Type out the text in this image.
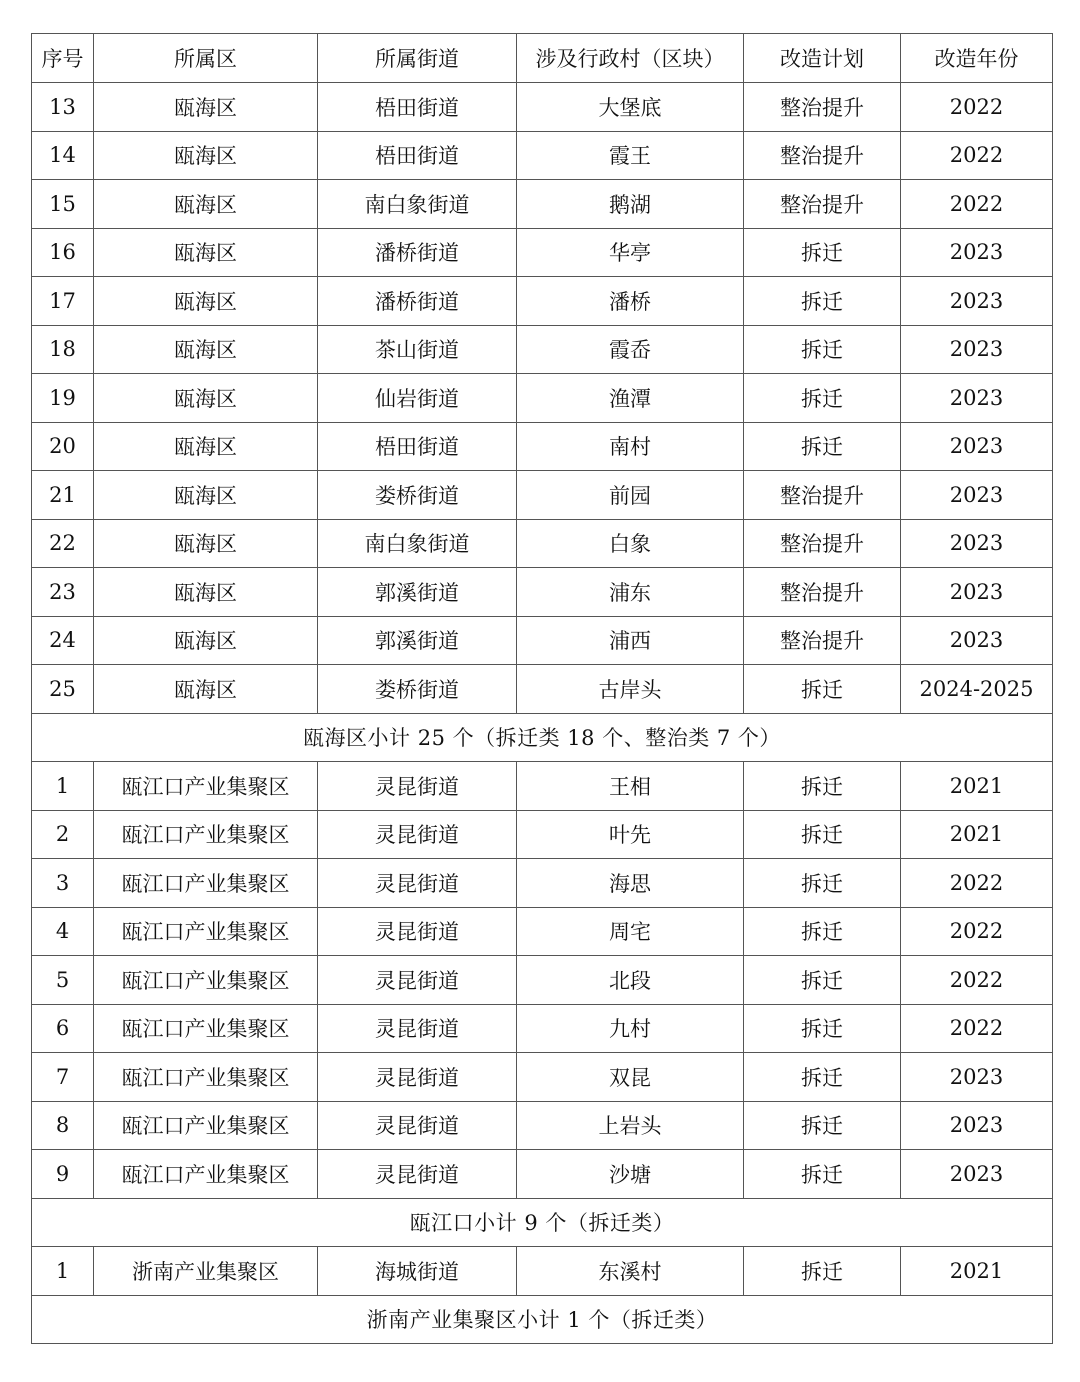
序号	所属区	所属街道	涉及行政村（区块）	改造计划	改造年份
13	瓯海区	梧田街道	大堡底	整治提升	2022
14	瓯海区	梧田街道	霞王	整治提升	2022
15	瓯海区	南白象街道	鹅湖	整治提升	2022
16	瓯海区	潘桥街道	华亭	拆迁	2023
17	瓯海区	潘桥街道	潘桥	拆迁	2023
18	瓯海区	茶山街道	霞岙	拆迁	2023
19	瓯海区	仙岩街道	渔潭	拆迁	2023
20	瓯海区	梧田街道	南村	拆迁	2023
21	瓯海区	娄桥街道	前园	整治提升	2023
22	瓯海区	南白象街道	白象	整治提升	2023
23	瓯海区	郭溪街道	浦东	整治提升	2023
24	瓯海区	郭溪街道	浦西	整治提升	2023
25	瓯海区	娄桥街道	古岸头	拆迁	2024-2025
瓯海区小计 25 个（拆迁类 18 个、整治类 7 个）					
1	瓯江口产业集聚区	灵昆街道	王相	拆迁	2021
2	瓯江口产业集聚区	灵昆街道	叶先	拆迁	2021
3	瓯江口产业集聚区	灵昆街道	海思	拆迁	2022
4	瓯江口产业集聚区	灵昆街道	周宅	拆迁	2022
5	瓯江口产业集聚区	灵昆街道	北段	拆迁	2022
6	瓯江口产业集聚区	灵昆街道	九村	拆迁	2022
7	瓯江口产业集聚区	灵昆街道	双昆	拆迁	2023
8	瓯江口产业集聚区	灵昆街道	上岩头	拆迁	2023
9	瓯江口产业集聚区	灵昆街道	沙塘	拆迁	2023
瓯江口小计 9 个（拆迁类）					
1	浙南产业集聚区	海城街道	东溪村	拆迁	2021
浙南产业集聚区小计 1 个（拆迁类）					
